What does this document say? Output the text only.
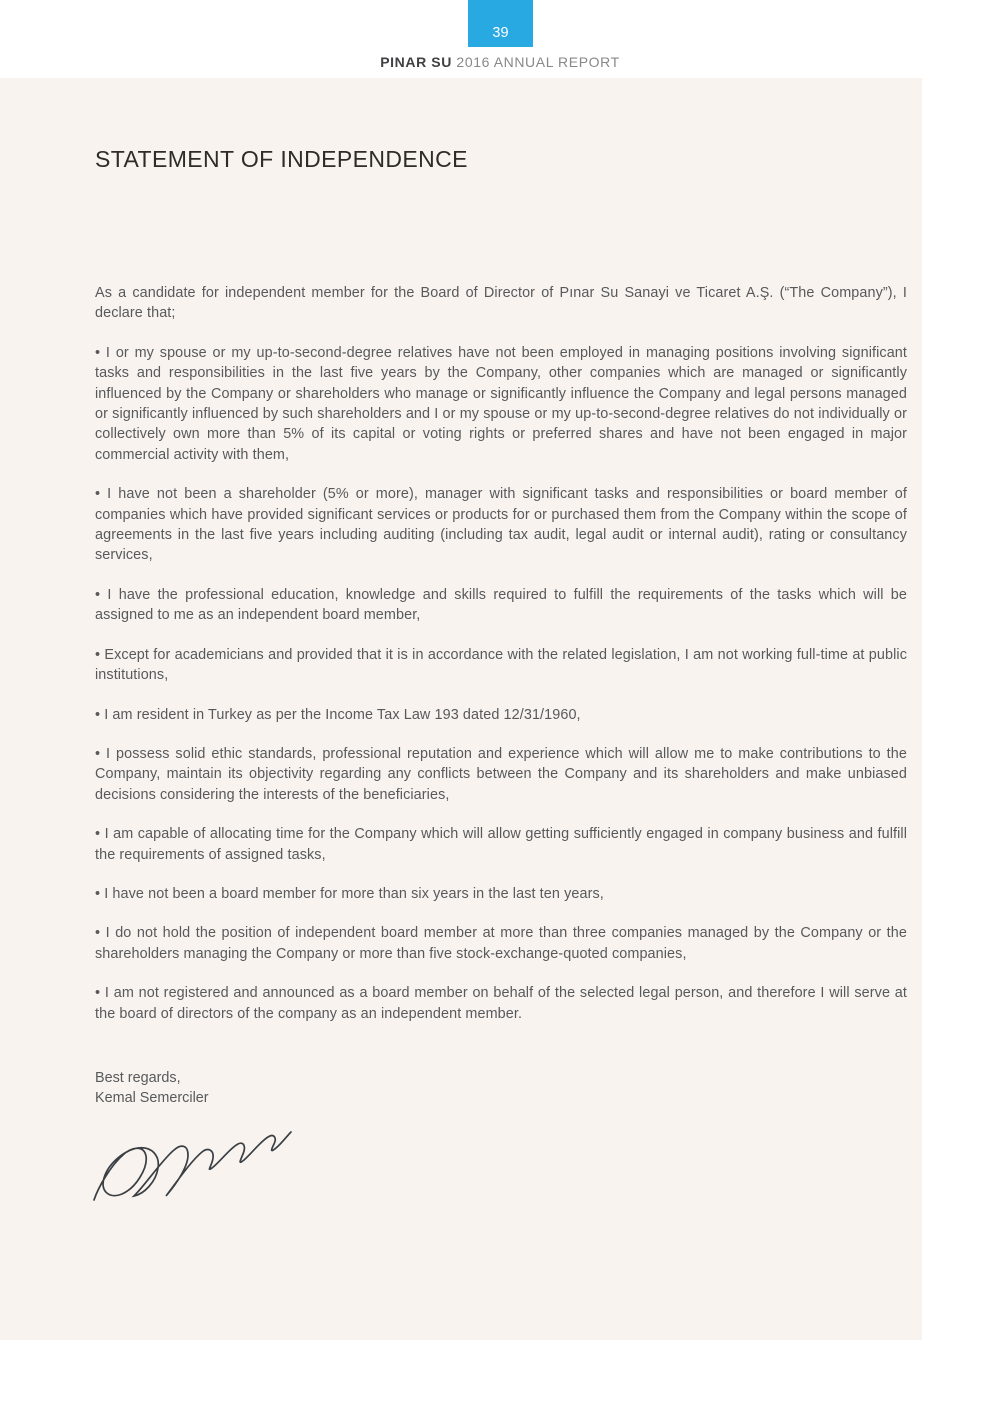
39
PINAR SU 2016 ANNUAL REPORT
STATEMENT OF INDEPENDENCE

As a candidate for independent member for the Board of Director of Pınar Su Sanayi ve Ticaret A.Ş. (“The Company”), I declare that;

• I or my spouse or my up-to-second-degree relatives have not been employed in managing positions involving significant tasks and responsibilities in the last five years by the Company, other companies which are managed or significantly influenced by the Company or shareholders who manage or significantly influence the Company and legal persons managed or significantly influenced by such shareholders and I or my spouse or my up-to-second-degree relatives do not individually or collectively own more than 5% of its capital or voting rights or preferred shares and have not been engaged in major commercial activity with them,

• I have not been a shareholder (5% or more), manager with significant tasks and responsibilities or board member of companies which have provided significant services or products for or purchased them from the Company within the scope of agreements in the last five years including auditing (including tax audit, legal audit or internal audit), rating or consultancy services,

• I have the professional education, knowledge and skills required to fulfill the requirements of the tasks which will be assigned to me as an independent board member,

• Except for academicians and provided that it is in accordance with the related legislation, I am not working full-time at public institutions,

• I am resident in Turkey as per the Income Tax Law 193 dated 12/31/1960,

• I possess solid ethic standards, professional reputation and experience which will allow me to make contributions to the Company, maintain its objectivity regarding any conflicts between the Company and its shareholders and make unbiased decisions considering the interests of the beneficiaries,

• I am capable of allocating time for the Company which will allow getting sufficiently engaged in company business and fulfill the requirements of assigned tasks,

• I have not been a board member for more than six years in the last ten years,

• I do not hold the position of independent board member at more than three companies managed by the Company or the shareholders managing the Company or more than five stock-exchange-quoted companies,

• I am not registered and announced as a board member on behalf of the selected legal person, and therefore I will serve at the board of directors of the company as an independent member.

Best regards,
Kemal Semerciler
